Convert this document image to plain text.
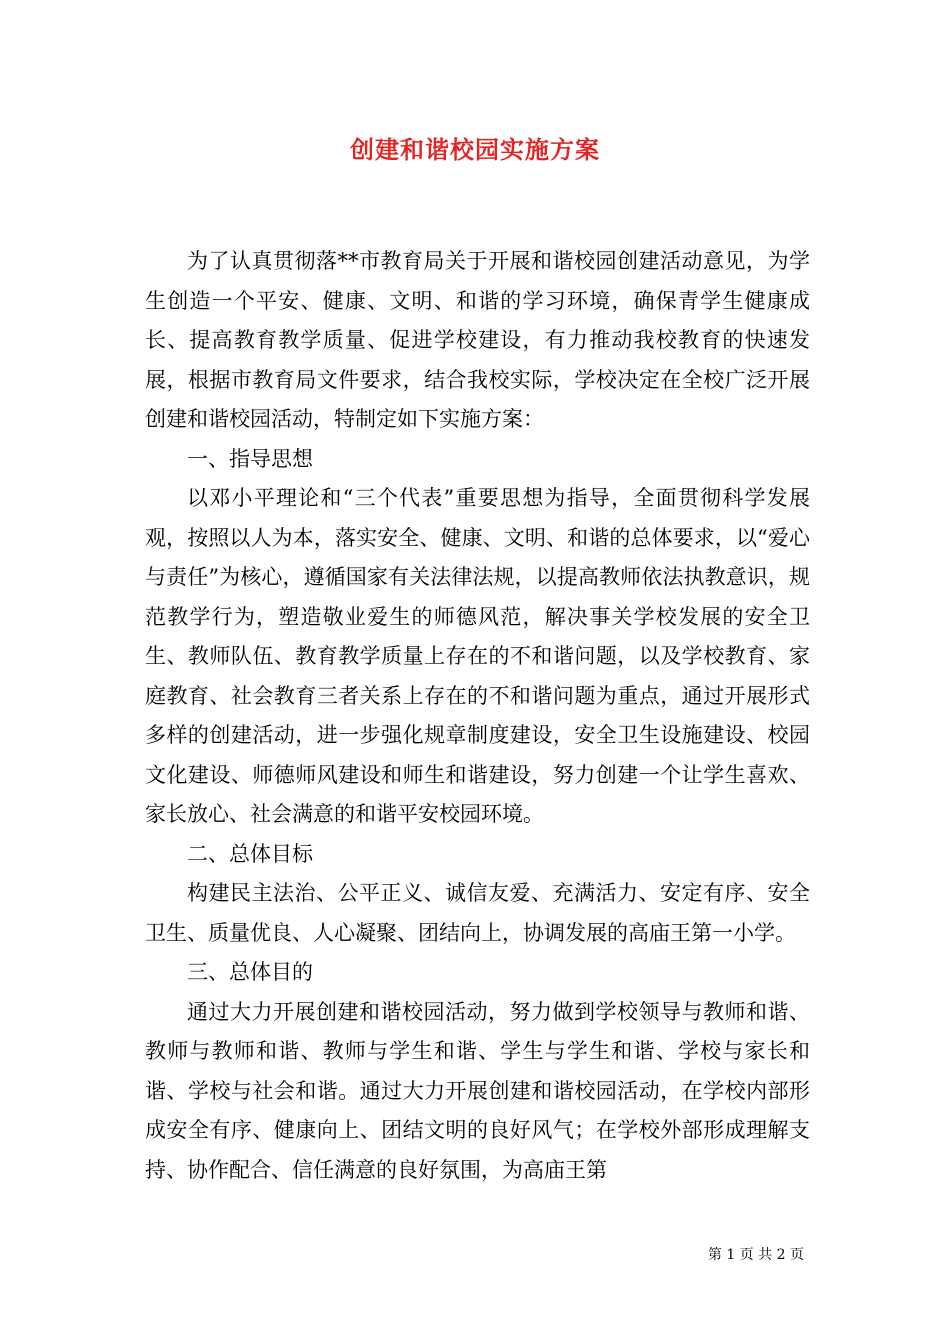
创建和谐校园实施方案

为了认真贯彻落**市教育局关于开展和谐校园创建活动意见，为学生创造一个平安、健康、文明、和谐的学习环境，确保青学生健康成长、提高教育教学质量、促进学校建设，有力推动我校教育的快速发展，根据市教育局文件要求，结合我校实际，学校决定在全校广泛开展创建和谐校园活动，特制定如下实施方案：

一、指导思想

以邓小平理论和“三个代表”重要思想为指导，全面贯彻科学发展观，按照以人为本，落实安全、健康、文明、和谐的总体要求，以“爱心与责任”为核心，遵循国家有关法律法规，以提高教师依法执教意识，规范教学行为，塑造敬业爱生的师德风范，解决事关学校发展的安全卫生、教师队伍、教育教学质量上存在的不和谐问题，以及学校教育、家庭教育、社会教育三者关系上存在的不和谐问题为重点，通过开展形式多样的创建活动，进一步强化规章制度建设，安全卫生设施建设、校园文化建设、师德师风建设和师生和谐建设，努力创建一个让学生喜欢、家长放心、社会满意的和谐平安校园环境。

二、总体目标

构建民主法治、公平正义、诚信友爱、充满活力、安定有序、安全卫生、质量优良、人心凝聚、团结向上，协调发展的高庙王第一小学。

三、总体目的

通过大力开展创建和谐校园活动，努力做到学校领导与教师和谐、教师与教师和谐、教师与学生和谐、学生与学生和谐、学校与家长和谐、学校与社会和谐。通过大力开展创建和谐校园活动，在学校内部形成安全有序、健康向上、团结文明的良好风气；在学校外部形成理解支持、协作配合、信任满意的良好氛围，为高庙王第

第 1 页 共 2 页
